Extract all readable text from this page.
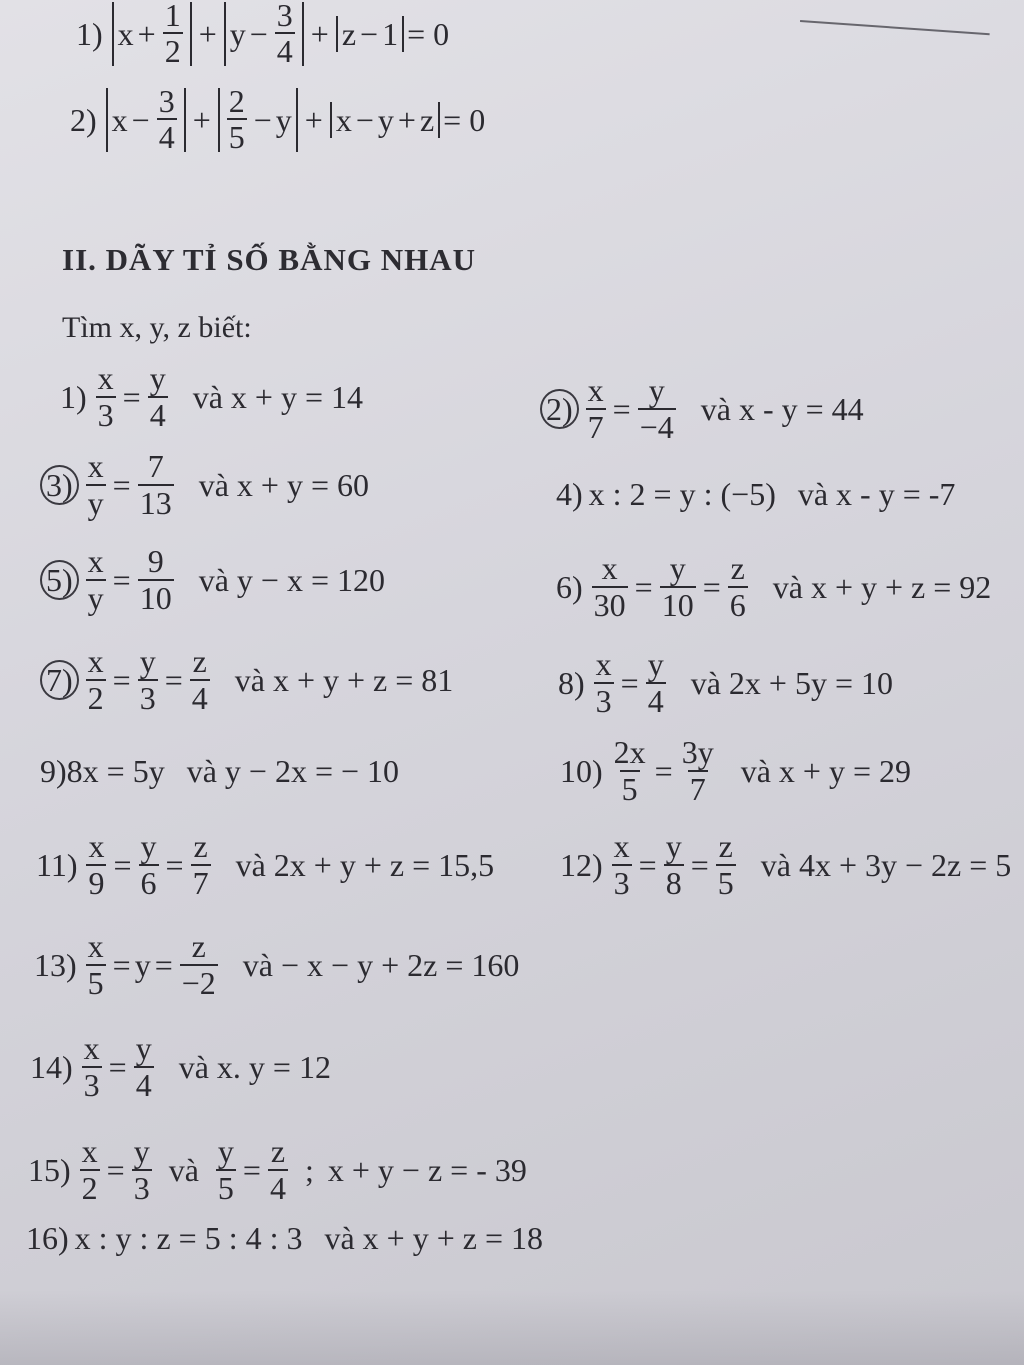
1) $x + \frac{1}{2} + y - \frac{3}{4} + z - 1 = 0$
2) $x - \frac{3}{4} + \frac{2}{5} - y + x - y + z = 0$
II. DÃY TỈ SỐ BẰNG NHAU
Tìm x, y, z biết:
$1) \frac{x}{3} = \frac{y}{4}$ và x + y = 14	$2) \frac{x}{7} = \frac{y}{-4}$ và x - y = 44
$3) \frac{x}{y} = \frac{7}{13}$ và x + y = 60	4) x : 2 = y : (−5) và x - y = -7
$5) \frac{x}{y} = \frac{9}{10}$ và y − x = 120	$6) \frac{x}{30} = \frac{y}{10} = \frac{z}{6}$ và x + y + z = 92
$7) \frac{x}{2} = \frac{y}{3} = \frac{z}{4}$ và x + y + z = 81	$8) \frac{x}{3} = \frac{y}{4}$ và 2x + 5y = 10
9) 8x = 5y và y − 2x = − 10	$10) \frac{2x}{5} = \frac{3y}{7}$ và x + y = 29
$11) \frac{x}{9} = \frac{y}{6} = \frac{z}{7}$ và 2x + y + z = 15,5 $12) \frac{x}{3} = \frac{y}{8} = \frac{z}{5}$ và 4x + 3y − 2z = 5
$13) \frac{x}{5} = y = \frac{z}{-2}$ và − x − y + 2z = 160
$14) \frac{x}{3} = \frac{y}{4}$ và x. y = 12
$15) \frac{x}{2} = \frac{y}{3}$ và $\frac{y}{5} = \frac{z}{4}$ ; x + y − z = - 39
16) x : y : z = 5 : 4 : 3 và x + y + z = 18
